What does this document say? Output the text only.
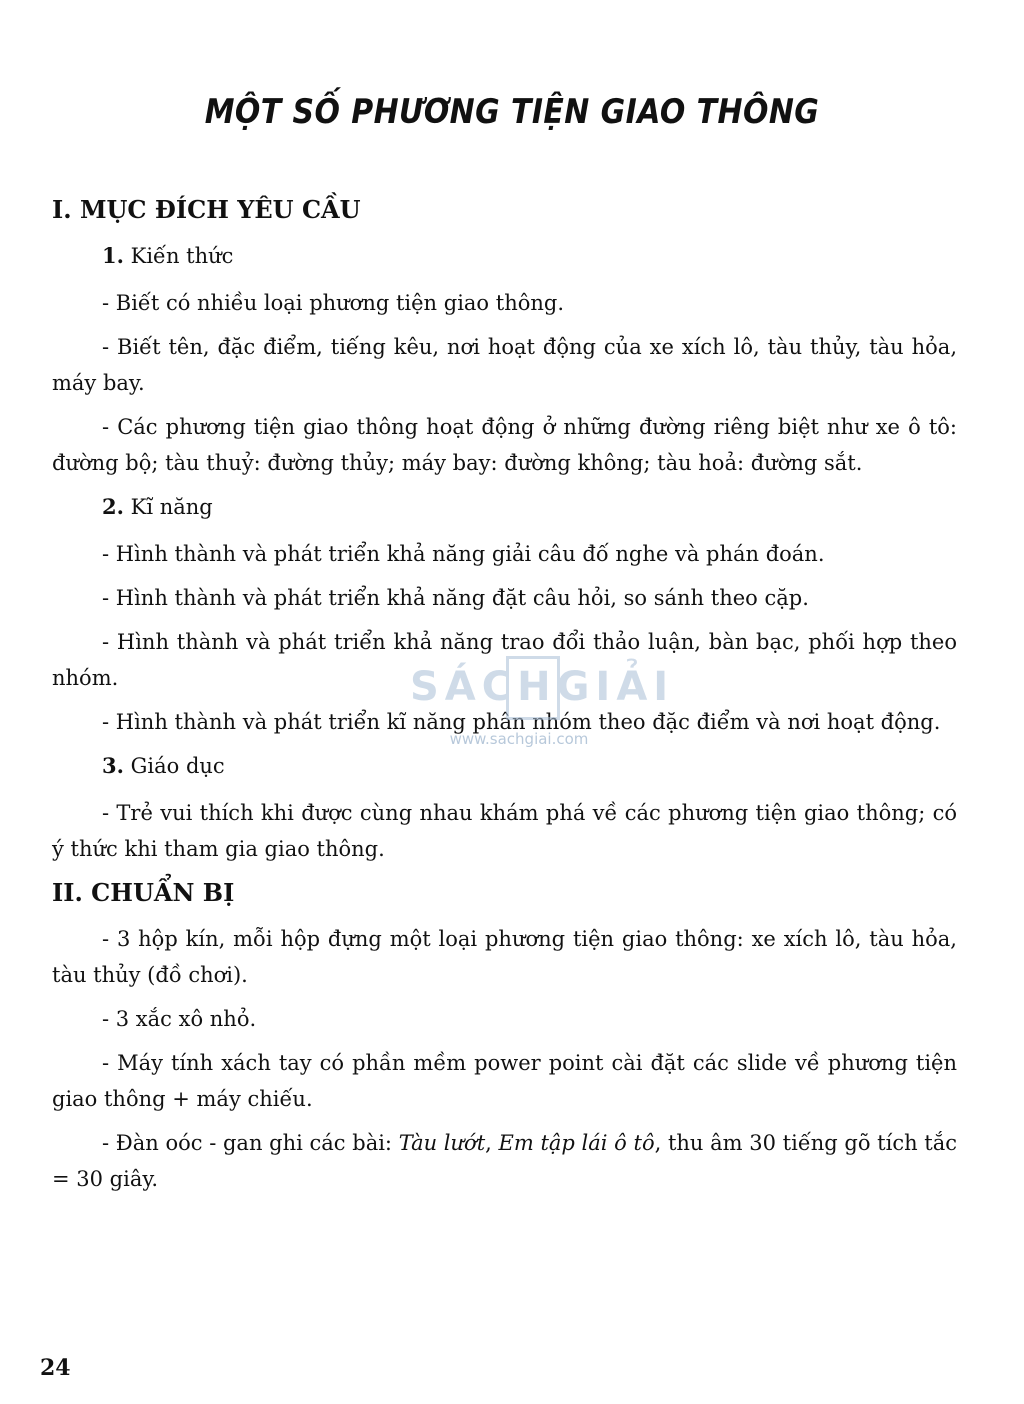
MỘT SỐ PHƯƠNG TIỆN GIAO THÔNG
I. MỤC ĐÍCH YÊU CẦU

1. Kiến thức

- Biết có nhiều loại phương tiện giao thông.

- Biết tên, đặc điểm, tiếng kêu, nơi hoạt động của xe xích lô, tàu thủy, tàu hỏa, máy bay.

- Các phương tiện giao thông hoạt động ở những đường riêng biệt như xe ô tô: đường bộ; tàu thuỷ: đường thủy; máy bay: đường không; tàu hoả: đường sắt.

2. Kĩ năng

- Hình thành và phát triển khả năng giải câu đố nghe và phán đoán.

- Hình thành và phát triển khả năng đặt câu hỏi, so sánh theo cặp.

- Hình thành và phát triển khả năng trao đổi thảo luận, bàn bạc, phối hợp theo nhóm.

- Hình thành và phát triển kĩ năng phân nhóm theo đặc điểm và nơi hoạt động.

3. Giáo dục

- Trẻ vui thích khi được cùng nhau khám phá về các phương tiện giao thông; có ý thức khi tham gia giao thông.

II. CHUẨN BỊ

- 3 hộp kín, mỗi hộp đựng một loại phương tiện giao thông: xe xích lô, tàu hỏa, tàu thủy (đồ chơi).

- 3 xắc xô nhỏ.

- Máy tính xách tay có phần mềm power point cài đặt các slide về phương tiện giao thông + máy chiếu.

- Đàn oóc - gan ghi các bài: Tàu lướt, Em tập lái ô tô, thu âm 30 tiếng gõ tích tắc = 30 giây.

SÁCHGIẢI
www.sachgiai.com
24
